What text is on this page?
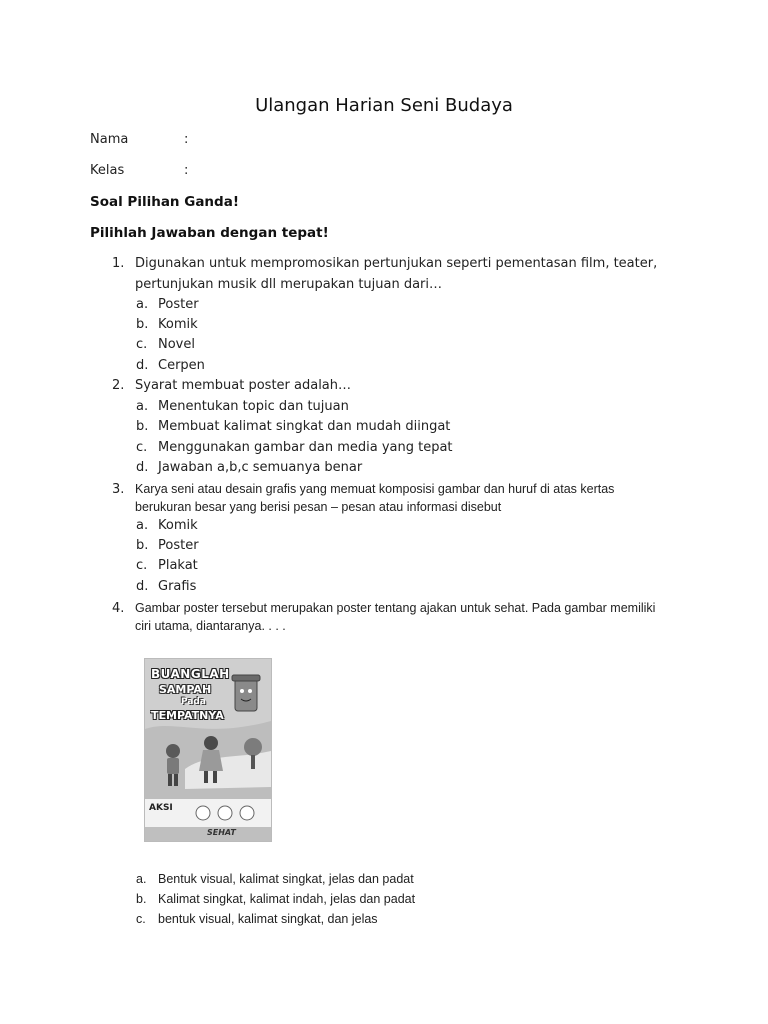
Ulangan Harian Seni Budaya
Nama	:
Kelas	:
Soal Pilihan Ganda!
Pilihlah Jawaban dengan tepat!
1. Digunakan untuk mempromosikan pertunjukan seperti pementasan film, teater, pertunjukan musik dll merupakan tujuan dari…
a. Poster
b. Komik
c. Novel
d. Cerpen
2. Syarat membuat poster adalah…
a. Menentukan topic dan tujuan
b. Membuat kalimat singkat dan mudah diingat
c. Menggunakan gambar dan media yang tepat
d. Jawaban a,b,c semuanya benar
3. Karya seni atau desain grafis yang memuat komposisi gambar dan huruf di atas kertas berukuran besar yang berisi pesan – pesan atau informasi disebut
a. Komik
b. Poster
c. Plakat
d. Grafis
4. Gambar poster tersebut merupakan poster tentang ajakan untuk sehat. Pada gambar memiliki ciri utama, diantaranya. . . .
BUANGLAH
SAMPAH
Pada
TEMPATNYA
AKSI
SEHAT
a. Bentuk visual, kalimat singkat, jelas dan padat
b. Kalimat singkat, kalimat indah, jelas dan padat
c. bentuk visual, kalimat singkat, dan jelas
